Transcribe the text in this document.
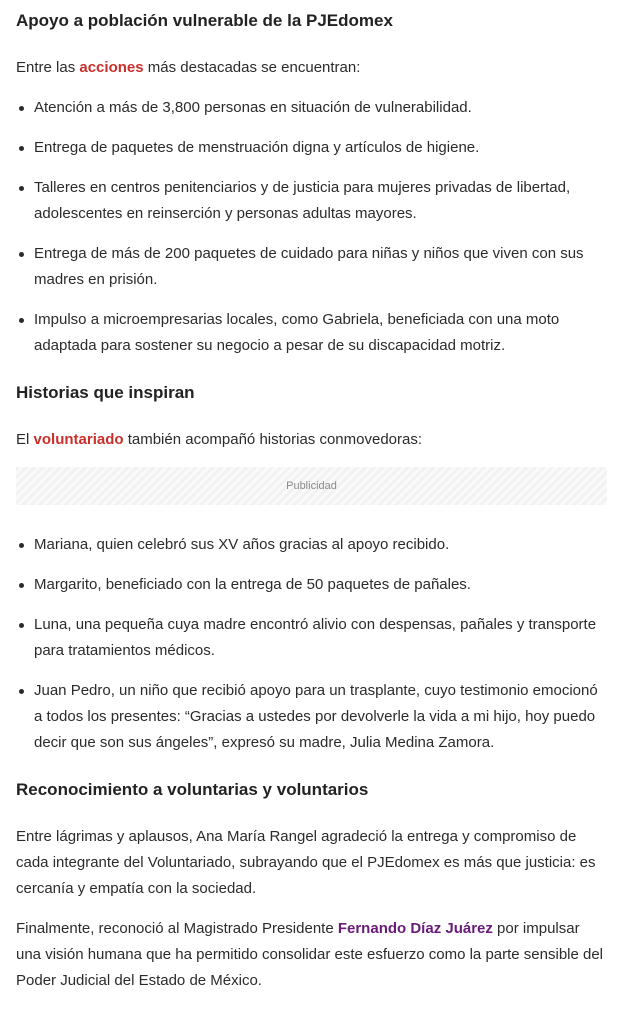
Apoyo a población vulnerable de la PJEdomex

Entre las acciones más destacadas se encuentran:

Atención a más de 3,800 personas en situación de vulnerabilidad.
Entrega de paquetes de menstruación digna y artículos de higiene.
Talleres en centros penitenciarios y de justicia para mujeres privadas de libertad, adolescentes en reinserción y personas adultas mayores.
Entrega de más de 200 paquetes de cuidado para niñas y niños que viven con sus madres en prisión.
Impulso a microempresarias locales, como Gabriela, beneficiada con una moto adaptada para sostener su negocio a pesar de su discapacidad motriz.
Historias que inspiran

El voluntariado también acompañó historias conmovedoras:

Publicidad
Mariana, quien celebró sus XV años gracias al apoyo recibido.
Margarito, beneficiado con la entrega de 50 paquetes de pañales.
Luna, una pequeña cuya madre encontró alivio con despensas, pañales y transporte para tratamientos médicos.
Juan Pedro, un niño que recibió apoyo para un trasplante, cuyo testimonio emocionó a todos los presentes: “Gracias a ustedes por devolverle la vida a mi hijo, hoy puedo decir que son sus ángeles”, expresó su madre, Julia Medina Zamora.
Reconocimiento a voluntarias y voluntarios

Entre lágrimas y aplausos, Ana María Rangel agradeció la entrega y compromiso de cada integrante del Voluntariado, subrayando que el PJEdomex es más que justicia: es cercanía y empatía con la sociedad.

Finalmente, reconoció al Magistrado Presidente Fernando Díaz Juárez por impulsar una visión humana que ha permitido consolidar este esfuerzo como la parte sensible del Poder Judicial del Estado de México.
